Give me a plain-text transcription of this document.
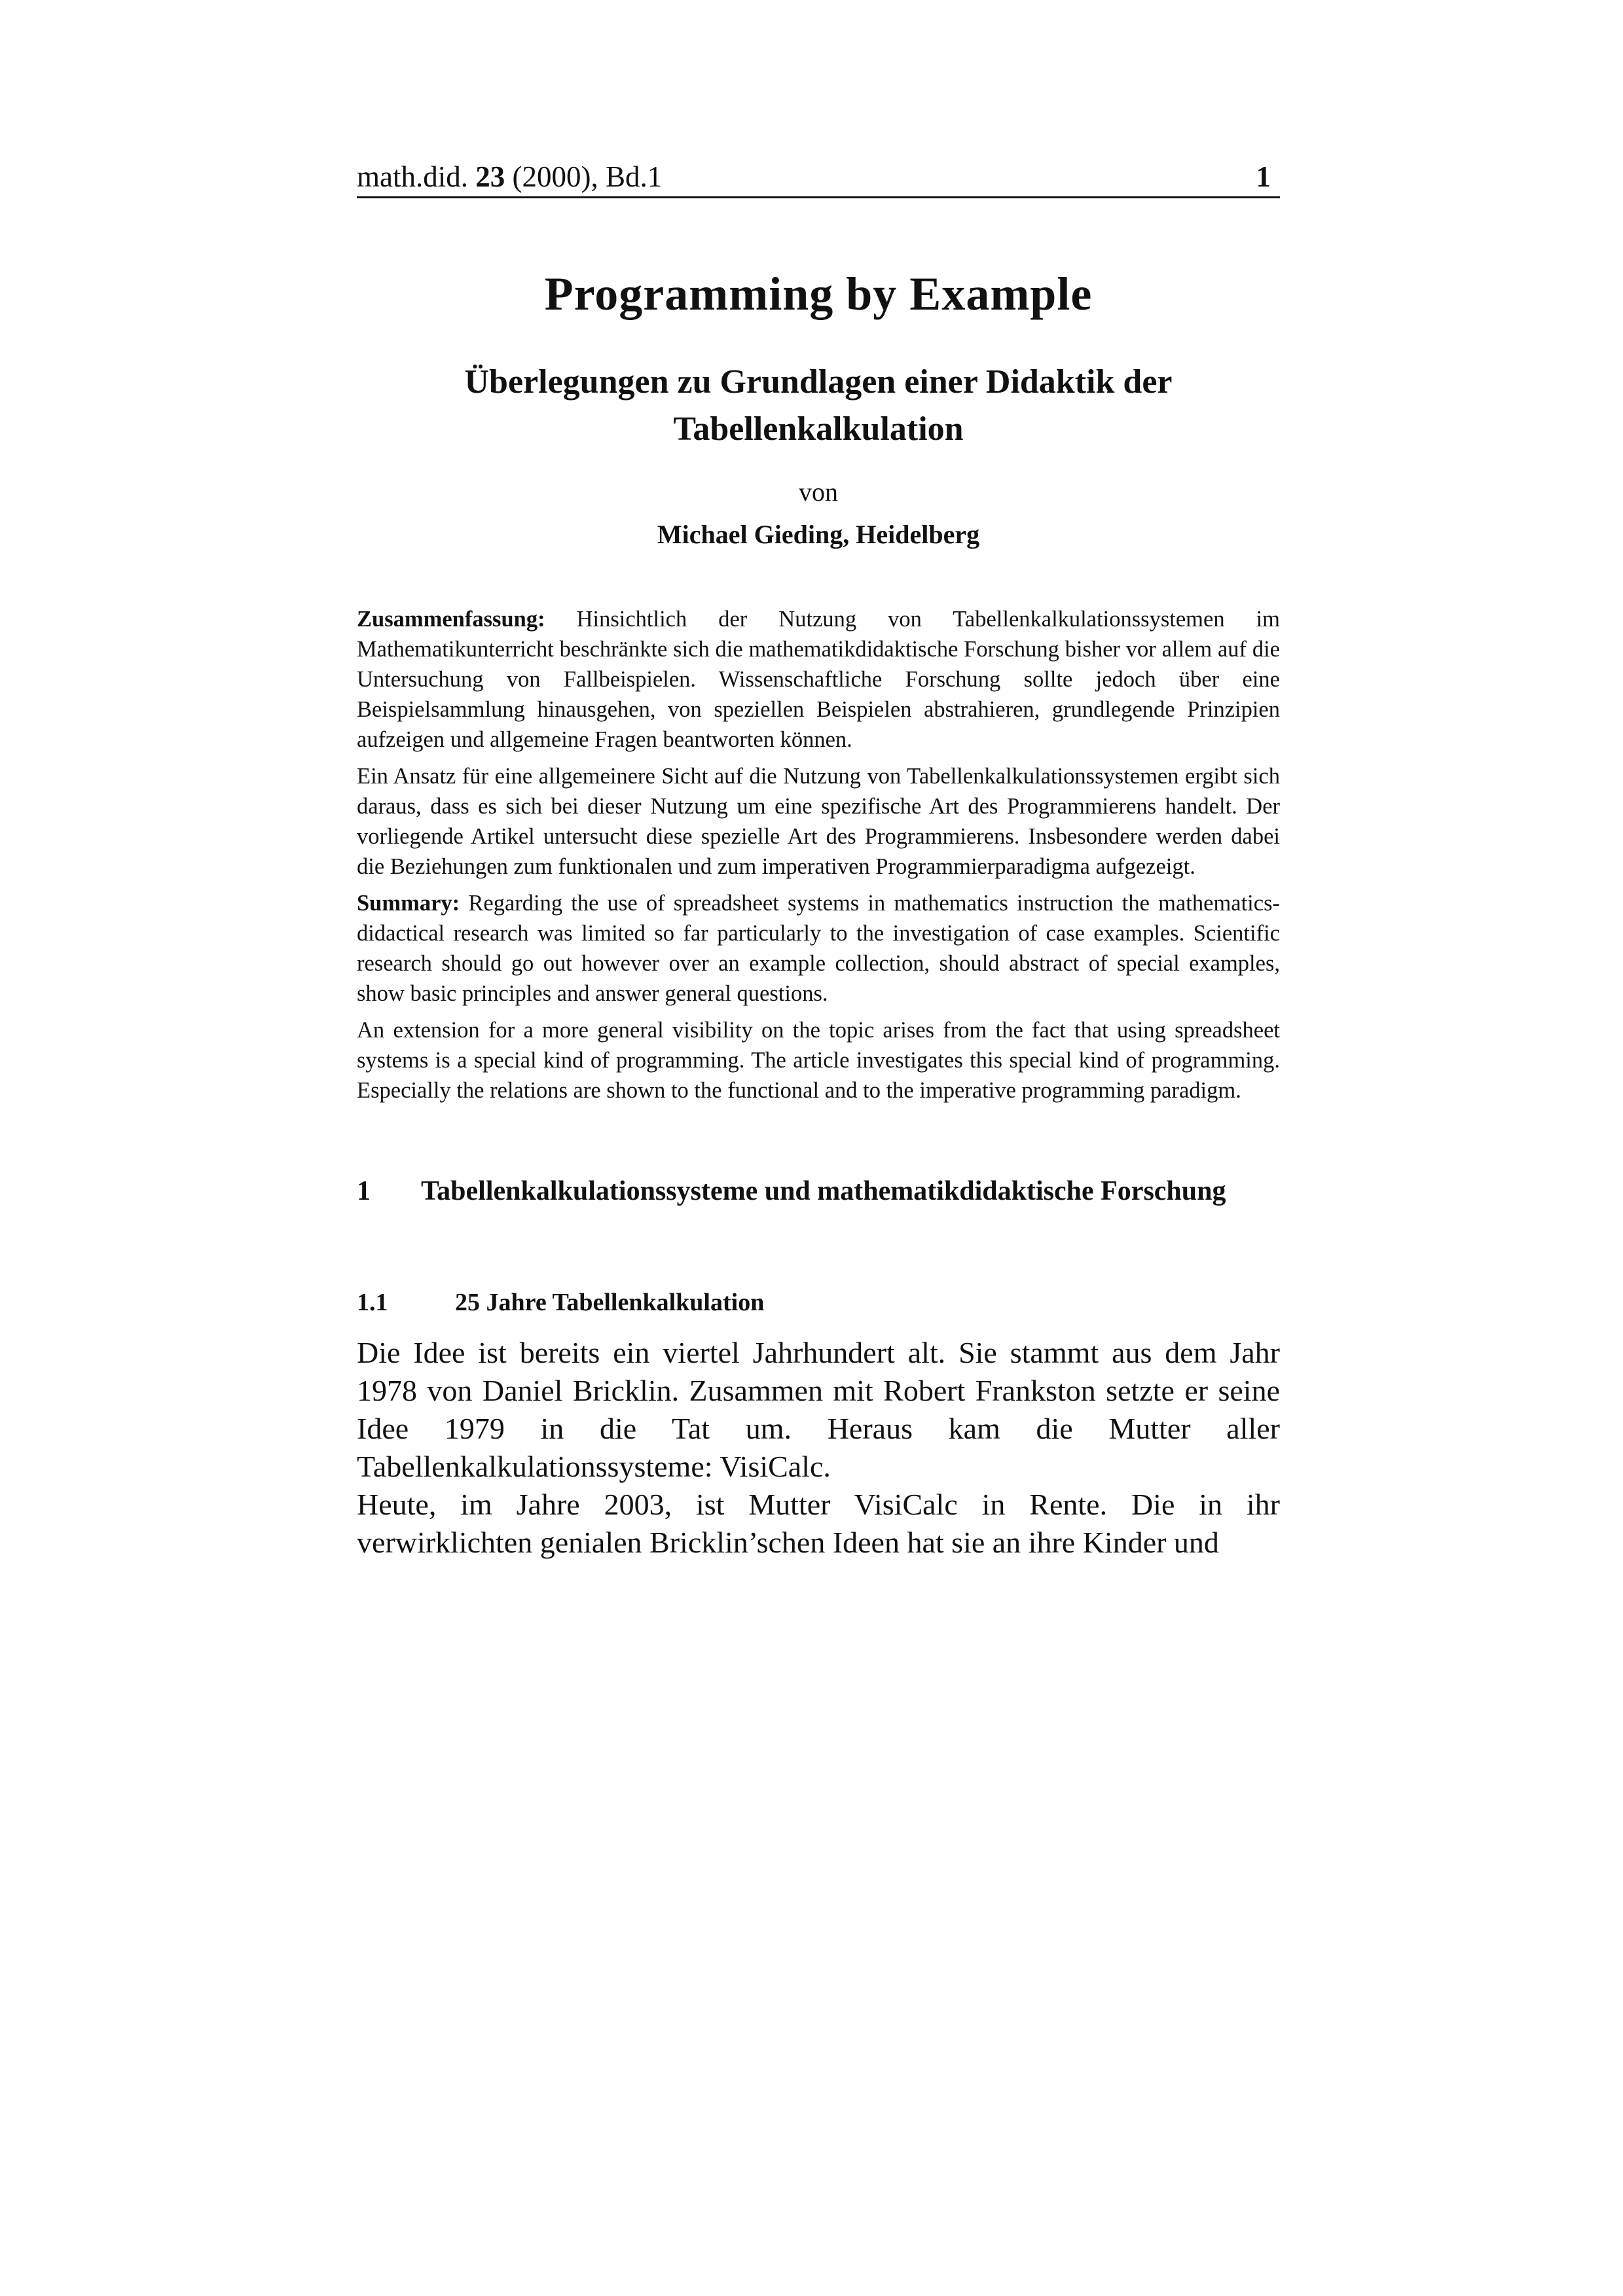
math.did. 23 (2000), Bd.1	1
Programming by Example
Überlegungen zu Grundlagen einer Didaktik der
Tabellenkalkulation
von
Michael Gieding, Heidelberg

Zusammenfassung: Hinsichtlich der Nutzung von Tabellenkalkulationssystemen im Mathematikunterricht beschränkte sich die mathematikdidaktische Forschung bisher vor allem auf die Untersuchung von Fallbeispielen. Wissenschaftliche Forschung sollte jedoch über eine Beispielsammlung hinausgehen, von speziellen Beispielen abstrahieren, grundlegende Prinzipien aufzeigen und allgemeine Fragen beantworten können.

Ein Ansatz für eine allgemeinere Sicht auf die Nutzung von Tabellenkalkulationssystemen ergibt sich daraus, dass es sich bei dieser Nutzung um eine spezifische Art des Programmierens handelt. Der vorliegende Artikel untersucht diese spezielle Art des Programmierens. Insbesondere werden dabei die Beziehungen zum funktionalen und zum imperativen Programmierparadigma aufgezeigt.

Summary: Regarding the use of spreadsheet systems in mathematics instruction the mathematics-didactical research was limited so far particularly to the investigation of case examples. Scientific research should go out however over an example collection, should abstract of special examples, show basic principles and answer general questions.

An extension for a more general visibility on the topic arises from the fact that using spreadsheet systems is a special kind of programming. The article investigates this special kind of programming. Especially the relations are shown to the functional and to the imperative programming paradigm.

1 Tabellenkalkulationssysteme und mathematikdidaktische Forschung
1.1	25 Jahre Tabellenkalkulation

Die Idee ist bereits ein viertel Jahrhundert alt. Sie stammt aus dem Jahr 1978 von Daniel Bricklin. Zusammen mit Robert Frankston setzte er seine Idee 1979 in die Tat um. Heraus kam die Mutter aller Tabellenkalkulationssysteme: VisiCalc.

Heute, im Jahre 2003, ist Mutter VisiCalc in Rente. Die in ihr verwirklichten genialen Bricklin’schen Ideen hat sie an ihre Kinder und
